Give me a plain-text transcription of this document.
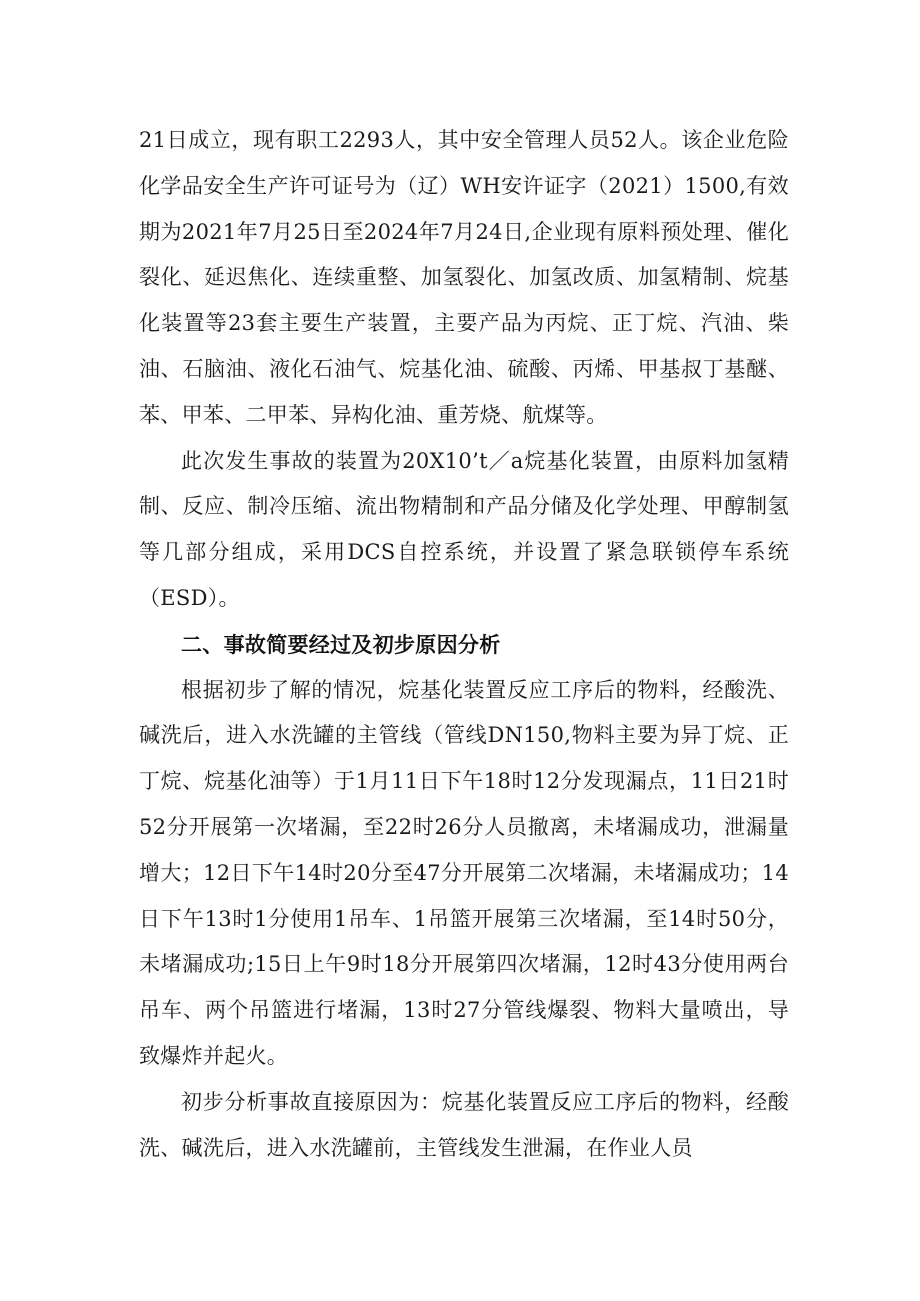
21日成立，现有职工2293人，其中安全管理人员52人。该企业危险化学品安全生产许可证号为（辽）WH安许证字（2021）1500,有效期为2021年7月25日至2024年7月24日,企业现有原料预处理、催化裂化、延迟焦化、连续重整、加氢裂化、加氢改质、加氢精制、烷基化装置等23套主要生产装置，主要产品为丙烷、正丁烷、汽油、柴油、石脑油、液化石油气、烷基化油、硫酸、丙烯、甲基叔丁基醚、苯、甲苯、二甲苯、异构化油、重芳烧、航煤等。

此次发生事故的装置为20X10’t／a烷基化装置，由原料加氢精制、反应、制冷压缩、流出物精制和产品分储及化学处理、甲醇制氢等几部分组成，采用DCS自控系统，并设置了紧急联锁停车系统（ESD）。

二、事故简要经过及初步原因分析

根据初步了解的情况，烷基化装置反应工序后的物料，经酸洗、碱洗后，进入水洗罐的主管线（管线DN150,物料主要为异丁烷、正丁烷、烷基化油等）于1月11日下午18时12分发现漏点，11日21时52分开展第一次堵漏，至22时26分人员撤离，未堵漏成功，泄漏量增大；12日下午14时20分至47分开展第二次堵漏，未堵漏成功；14日下午13时1分使用1吊车、1吊篮开展第三次堵漏，至14时50分，未堵漏成功;15日上午9时18分开展第四次堵漏，12时43分使用两台吊车、两个吊篮进行堵漏，13时27分管线爆裂、物料大量喷出，导致爆炸并起火。

初步分析事故直接原因为：烷基化装置反应工序后的物料，经酸洗、碱洗后，进入水洗罐前，主管线发生泄漏，在作业人员
